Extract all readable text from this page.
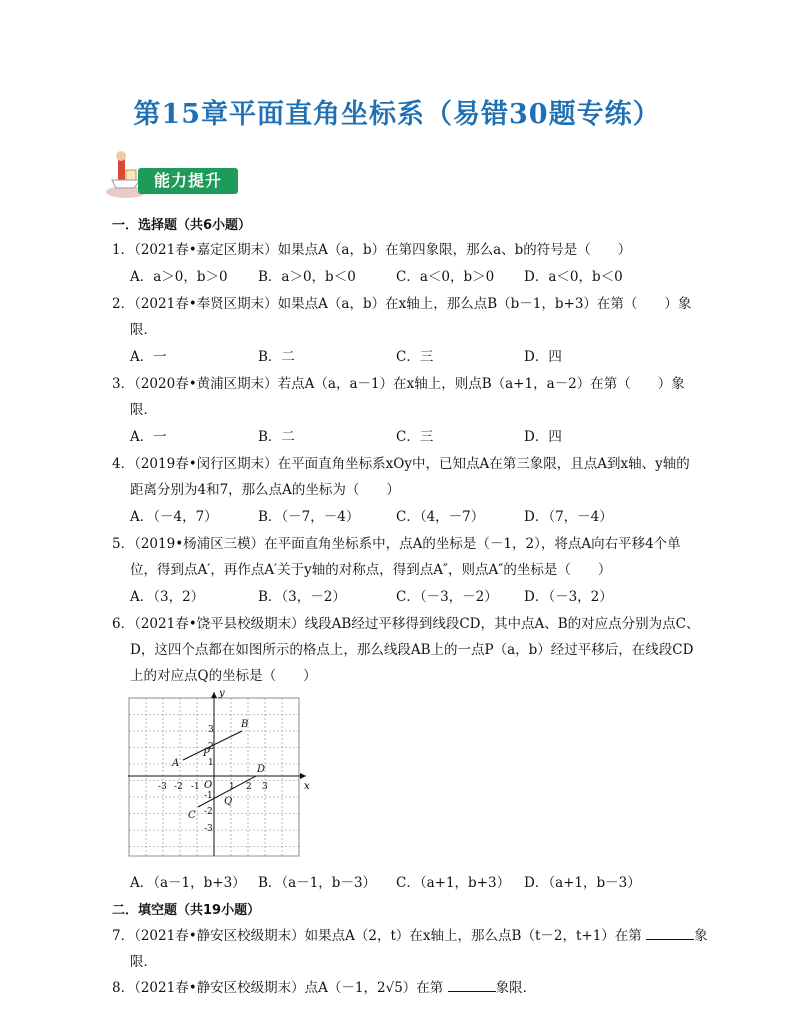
第15章平面直角坐标系（易错30题专练）
能力提升
一．选择题（共6小题）
1．（2021春•嘉定区期末）如果点A（a，b）在第四象限，那么a、b的符号是（　　）
A．a＞0，b＞0 B．a＞0，b＜0	C．a＜0，b＞0 D．a＜0，b＜0
2．（2021春•奉贤区期末）如果点A（a，b）在x轴上，那么点B（b－1，b+3）在第（　　）象
限．
A．一	B．二	C．三	D．四
3．（2020春•黄浦区期末）若点A（a，a－1）在x轴上，则点B（a+1，a－2）在第（　　）象
限．
A．一	B．二	C．三	D．四
4．（2019春•闵行区期末）在平面直角坐标系xOy中，已知点A在第三象限，且点A到x轴、y轴的
距离分别为4和7，那么点A的坐标为（　　）
A．（－4，7）	B．（－7，－4）	C．（4，－7）	D．（7，－4）
5．（2019•杨浦区三模）在平面直角坐标系中，点A的坐标是（－1，2），将点A向右平移4个单
位，得到点A′，再作点A′关于y轴的对称点，得到点A″，则点A″的坐标是（　　）
A．（3，2）	B．（3，－2）	C．（－3，－2） D．（－3，2）
6．（2021春•饶平县校级期末）线段AB经过平移得到线段CD，其中点A、B的对应点分别为点C、
D，这四个点都在如图所示的格点上，那么线段AB上的一点P（a，b）经过平移后，在线段CD
上的对应点Q的坐标是（　　）
x
y
O
-3 -2 -1	1 2 3
3
2
1
-1
-2
-3
A
B
C
D
P
Q
A．（a－1，b+3） B．（a－1，b－3） C．（a+1，b+3） D．（a+1，b－3）
二．填空题（共19小题）
7．（2021春•静安区校级期末）如果点A（2，t）在x轴上，那么点B（t－2，t+1）在第	象
限．
8．（2021春•静安区校级期末）点A（－1，2√5）在第	象限．
